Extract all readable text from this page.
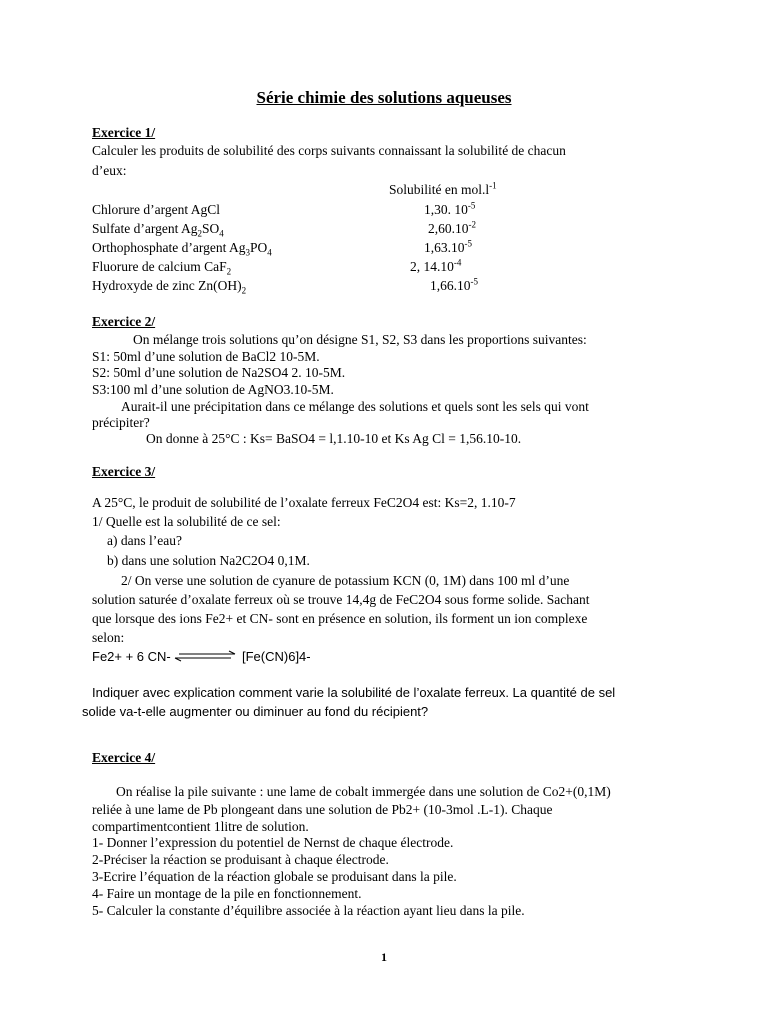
Série chimie des solutions aqueuses
Exercice 1/
Calculer les produits de solubilité des corps suivants connaissant la solubilité de chacun
d’eux:
Solubilité en $mol.l^{-1}$
Chlorure d’argent AgCl	1,30. $10^{-5}$
Sulfate d’argent $Ag_2SO_4$	$2,60.10^{-2}$
Orthophosphate d’argent $Ag_3PO_4$	$1,63.10^{-5}$
Fluorure de calcium CaF$_2$	2, $14.10^{-4}$
Hydroxyde de zinc $Zn(OH)_2$	$1,66.10^{-5}$
Exercice 2/
On mélange trois solutions qu’on désigne S1, S2, S3 dans les proportions suivantes:
S1: 50ml d’une solution de BaCl2 10-5M.
S2: 50ml d’une solution de Na2SO4 2. 10-5M.
S3:100 ml d’une solution de AgNO3.10-5M.
Aurait-il une précipitation dans ce mélange des solutions et quels sont les sels qui vont
précipiter?
On donne à 25°C : Ks= BaSO4 = l,1.10-10 et Ks Ag Cl = 1,56.10-10.
Exercice 3/
A 25°C, le produit de solubilité de l’oxalate ferreux FeC2O4 est: Ks=2, 1.10-7
1/ Quelle est la solubilité de ce sel:
a) dans l’eau?
b) dans une solution Na2C2O4 0,1M.
2/ On verse une solution de cyanure de potassium KCN (0, 1M) dans 100 ml d’une
solution saturée d’oxalate ferreux où se trouve 14,4g de FeC2O4 sous forme solide. Sachant
que lorsque des ions Fe2+ et CN- sont en présence en solution, ils forment un ion complexe
selon:
Fe2+ + 6 CN-	[Fe(CN)6]4-
Indiquer avec explication comment varie la solubilité de l’oxalate ferreux. La quantité de sel
solide va-t-elle augmenter ou diminuer au fond du récipient?
Exercice 4/
On réalise la pile suivante : une lame de cobalt immergée dans une solution de Co2+(0,1M)
reliée à une lame de Pb plongeant dans une solution de Pb2+ (10-3mol .L-1). Chaque
compartimentcontient 1litre de solution.
1- Donner l’expression du potentiel de Nernst de chaque électrode.
2-Préciser la réaction se produisant à chaque électrode.
3-Ecrire l’équation de la réaction globale se produisant dans la pile.
4- Faire un montage de la pile en fonctionnement.
5- Calculer la constante d’équilibre associée à la réaction ayant lieu dans la pile.
1
